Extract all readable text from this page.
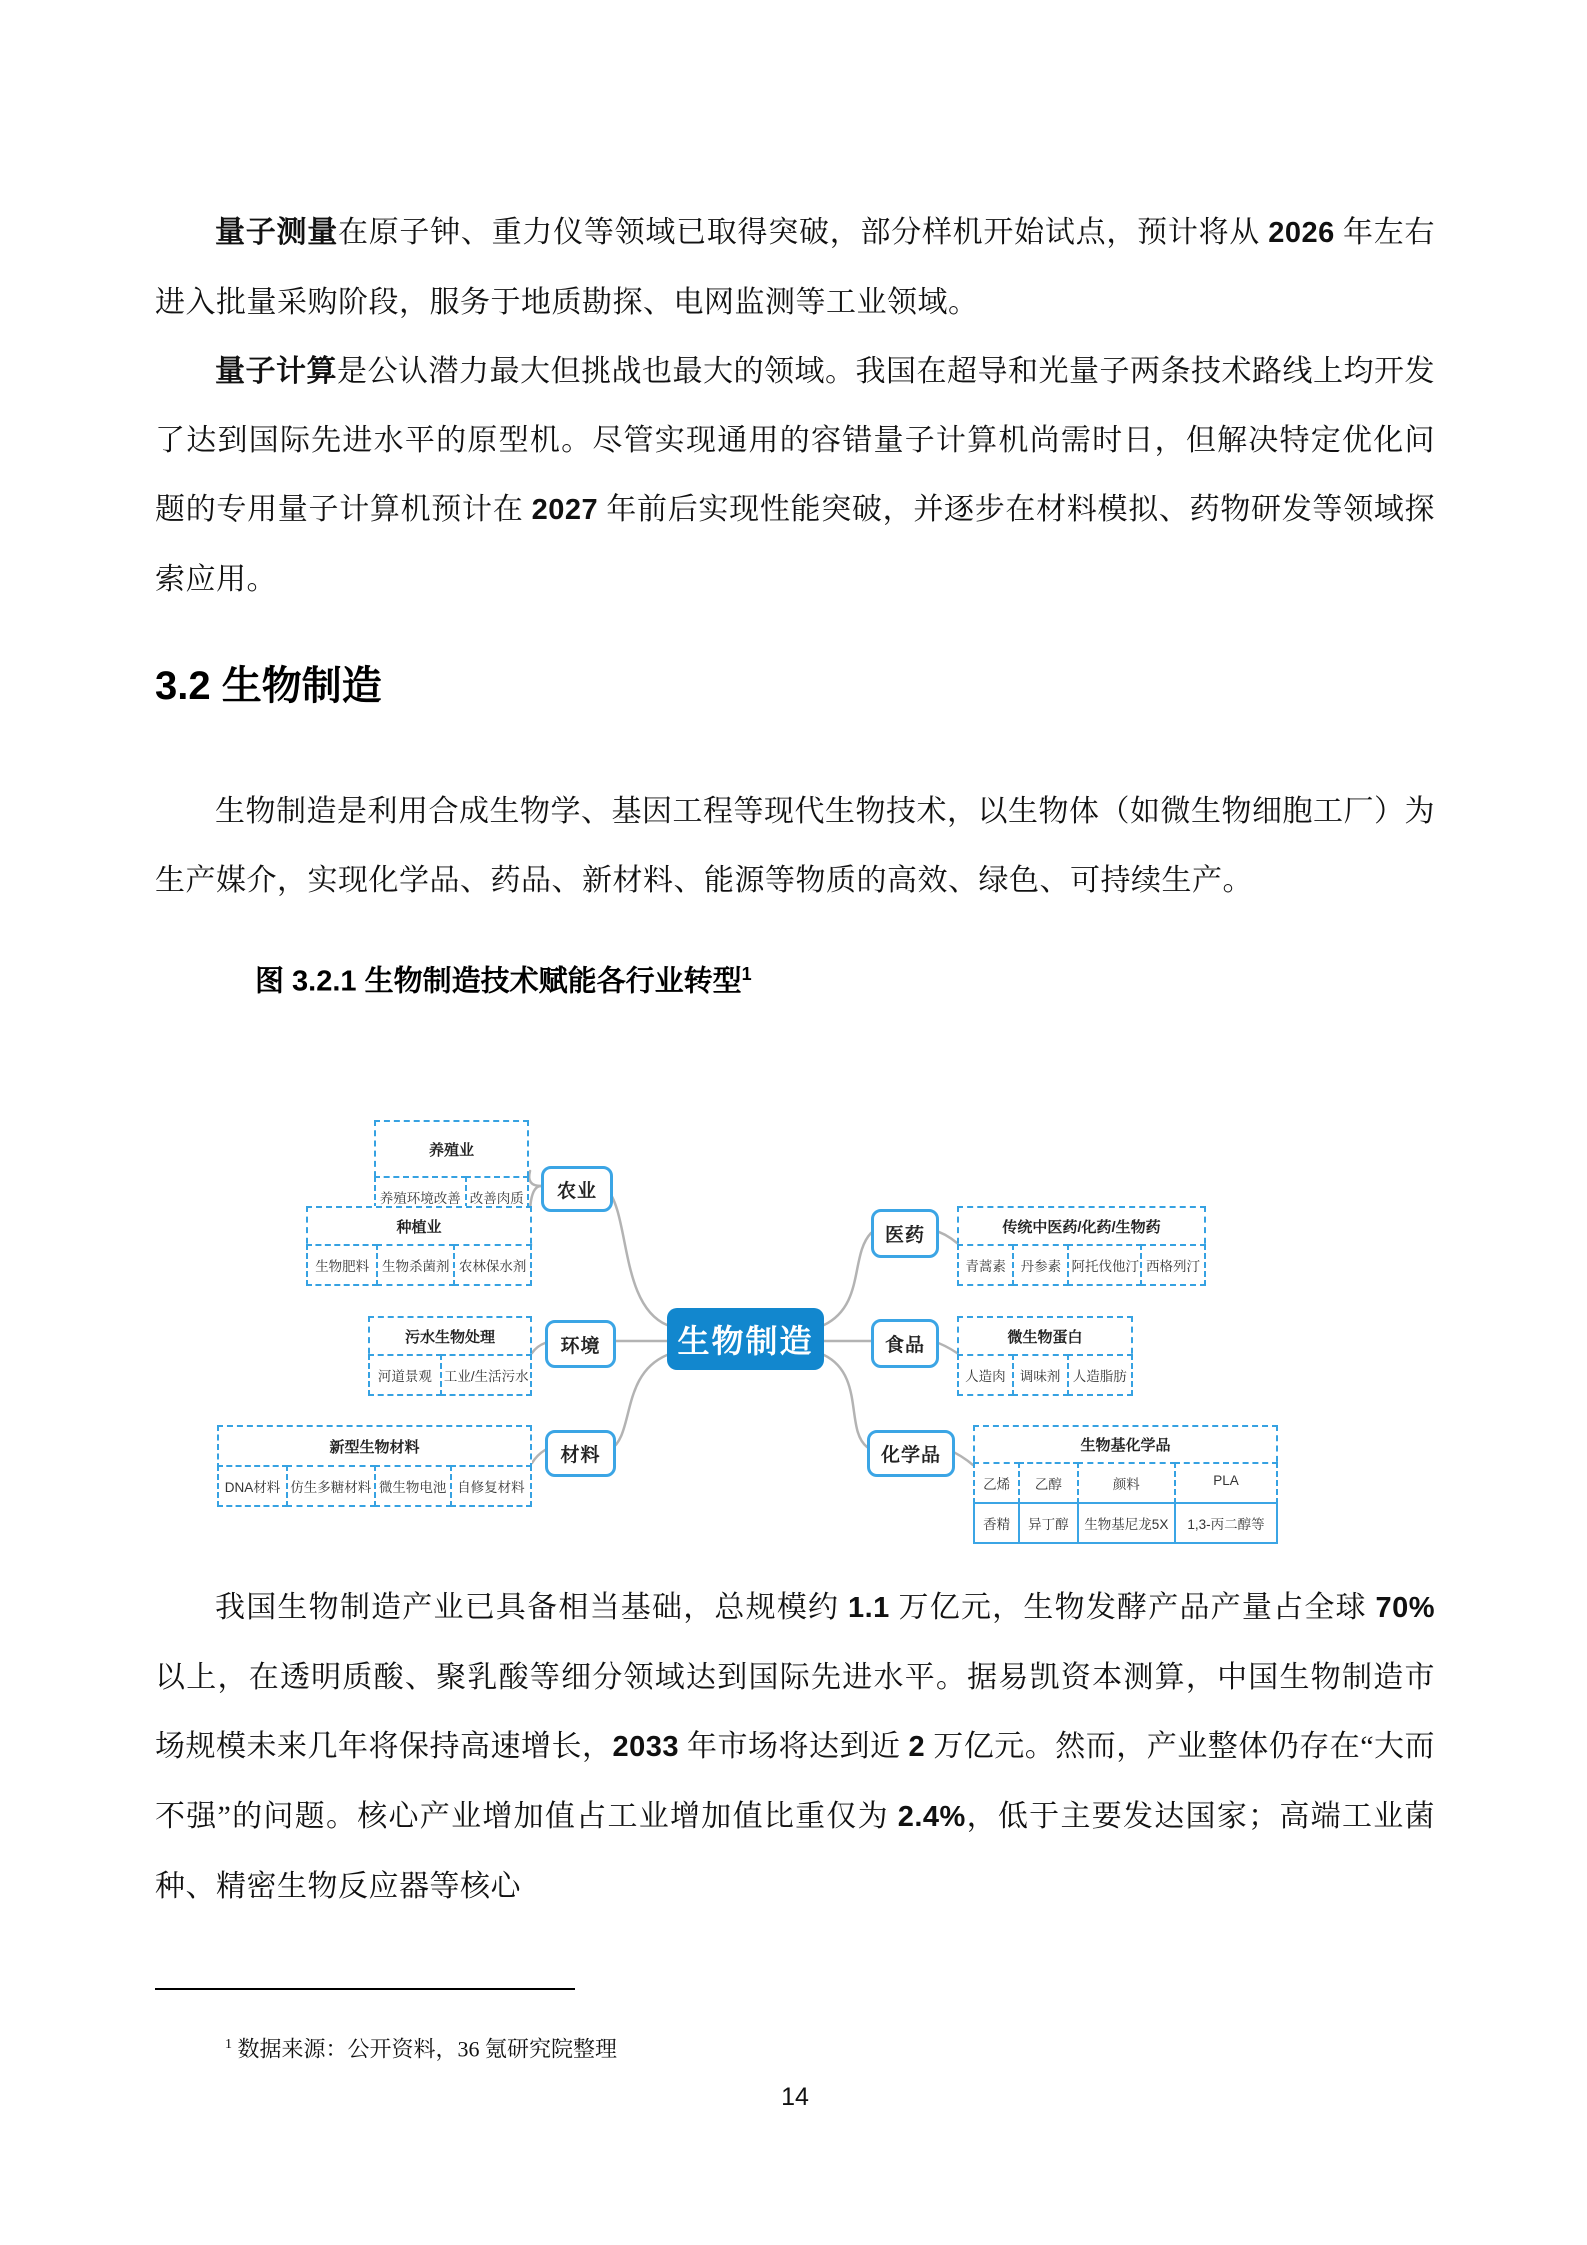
量子测量在原子钟、重力仪等领域已取得突破，部分样机开始试点，预计将从 2026 年左右进入批量采购阶段，服务于地质勘探、电网监测等工业领域。

量子计算是公认潜力最大但挑战也最大的领域。我国在超导和光量子两条技术路线上均开发了达到国际先进水平的原型机。尽管实现通用的容错量子计算机尚需时日，但解决特定优化问题的专用量子计算机预计在 2027 年前后实现性能突破，并逐步在材料模拟、药物研发等领域探索应用。

3.2 生物制造

生物制造是利用合成生物学、基因工程等现代生物技术，以生物体（如微生物细胞工厂）为生产媒介，实现化学品、药品、新材料、能源等物质的高效、绿色、可持续生产。

图 3.2.1 生物制造技术赋能各行业转型$^1$

我国生物制造产业已具备相当基础，总规模约 1.1 万亿元，生物发酵产品产量占全球 70%以上，在透明质酸、聚乳酸等细分领域达到国际先进水平。据易凯资本测算，中国生物制造市场规模未来几年将保持高速增长，2033 年市场将达到近 2 万亿元。然而，产业整体仍存在“大而不强”的问题。核心产业增加值占工业增加值比重仅为 2.4%，低于主要发达国家；高端工业菌种、精密生物反应器等核心

$^1$ 数据来源：公开资料，36 氪研究院整理

14
生物制造
农业
环境
材料
医药
食品
化学品
养殖业
养殖环境改善 改善肉质
种植业
生物肥料 生物杀菌剂 农林保水剂
污水生物处理
河道景观 工业/生活污水
新型生物材料
DNA材料 仿生多糖材料 微生物电池 自修复材料
传统中医药/化药/生物药
青蒿素	丹参素 阿托伐他汀 西格列汀
微生物蛋白
人造肉	调味剂 人造脂肪
生物基化学品
乙烯	乙醇	颜料	PLA
香精	异丁醇	生物基尼龙5X	1,3-丙二醇等
